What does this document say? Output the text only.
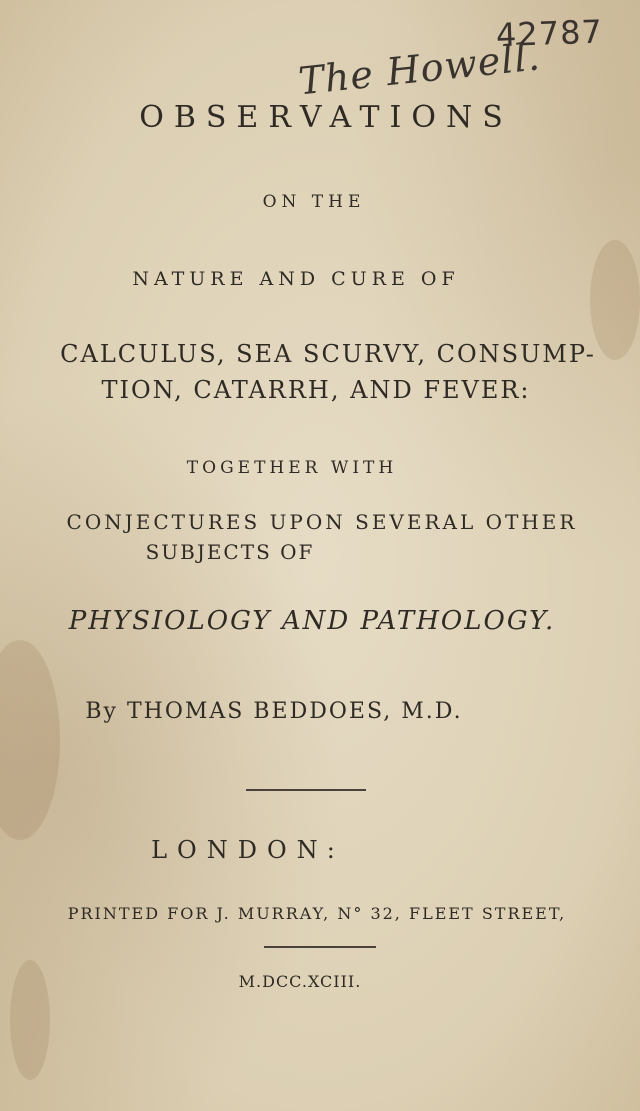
42787
The Howell.
OBSERVATIONS
ON THE
NATURE AND CURE OF
CALCULUS, SEA SCURVY, CONSUMP-
TION, CATARRH, AND FEVER:
TOGETHER WITH
CONJECTURES UPON SEVERAL OTHER
SUBJECTS OF
PHYSIOLOGY AND PATHOLOGY.
By THOMAS BEDDOES, M.D.
LONDON:
PRINTED FOR J. MURRAY, N° 32, FLEET STREET,
M.DCC.XCIII.
